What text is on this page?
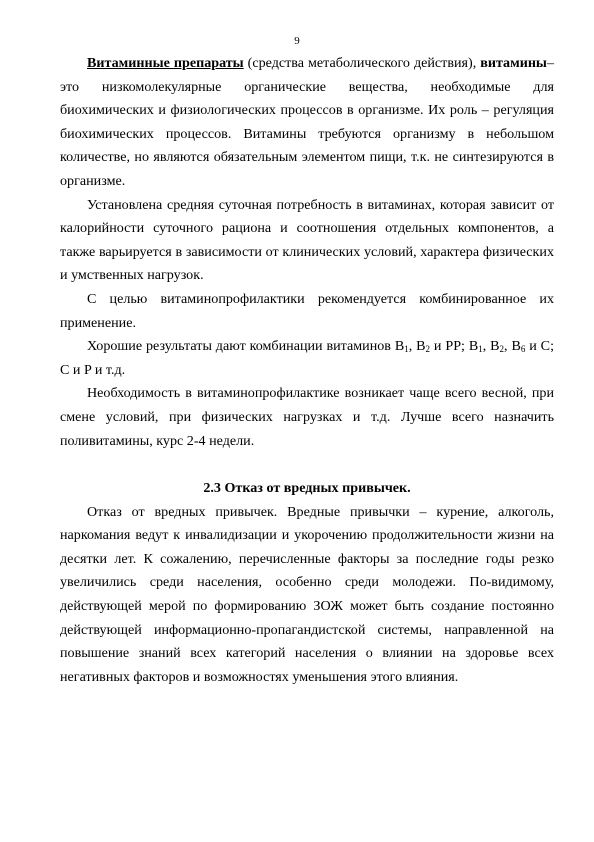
9

Витаминные препараты (средства метаболического действия), витамины– это низкомолекулярные органические вещества, необходимые для биохимических и физиологических процессов в организме. Их роль – регуляция биохимических процессов. Витамины требуются организму в небольшом количестве, но являются обязательным элементом пищи, т.к. не синтезируются в организме.

Установлена средняя суточная потребность в витаминах, которая зависит от калорийности суточного рациона и соотношения отдельных компонентов, а также варьируется в зависимости от клинических условий, характера физических и умственных нагрузок.

С целью витаминопрофилактики рекомендуется комбинированное их применение.

Хорошие результаты дают комбинации витаминов $B_1$, $B_2$ и PP; $B_1$, $B_2$, $B_6$ и C; C и P и т.д.

Необходимость в витаминопрофилактике возникает чаще всего весной, при смене условий, при физических нагрузках и т.д. Лучше всего назначить поливитамины, курс 2-4 недели.

2.3 Отказ от вредных привычек.

Отказ от вредных привычек. Вредные привычки – курение, алкоголь, наркомания ведут к инвалидизации и укорочению продолжительности жизни на десятки лет. К сожалению, перечисленные факторы за последние годы резко увеличились среди населения, особенно среди молодежи. По-видимому, действующей мерой по формированию ЗОЖ может быть создание постоянно действующей информационно-пропагандистской системы, направленной на повышение знаний всех категорий населения о влиянии на здоровье всех негативных факторов и возможностях уменьшения этого влияния.
